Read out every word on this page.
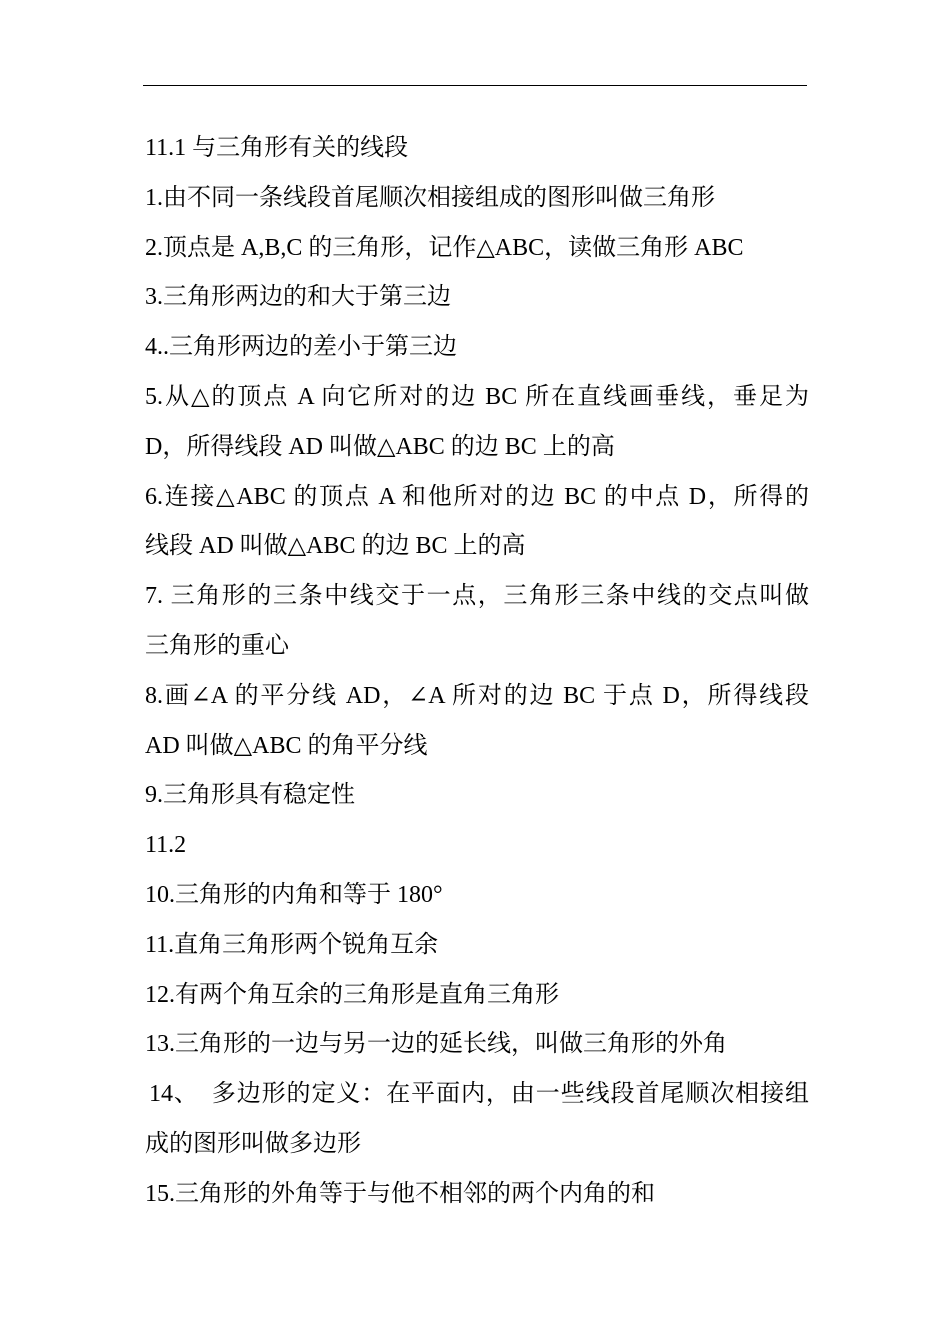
11.1 与三角形有关的线段
1.由不同一条线段首尾顺次相接组成的图形叫做三角形
2.顶点是 A,B,C 的三角形，记作△ABC，读做三角形 ABC
3.三角形两边的和大于第三边
4..三角形两边的差小于第三边
5.从△的顶点 A 向它所对的边 BC 所在直线画垂线，垂足为
D，所得线段 AD 叫做△ABC 的边 BC 上的高
6.连接△ABC 的顶点 A 和他所对的边 BC 的中点 D，所得的
线段 AD 叫做△ABC 的边 BC 上的高
7. 三角形的三条中线交于一点，三角形三条中线的交点叫做
三角形的重心
8.画∠A 的平分线 AD，∠A 所对的边 BC 于点 D，所得线段
AD 叫做△ABC 的角平分线
9.三角形具有稳定性
11.2
10.三角形的内角和等于 180°
11.直角三角形两个锐角互余
12.有两个角互余的三角形是直角三角形
13.三角形的一边与另一边的延长线，叫做三角形的外角
14、　多边形的定义：在平面内，由一些线段首尾顺次相接组
成的图形叫做多边形
15.三角形的外角等于与他不相邻的两个内角的和
